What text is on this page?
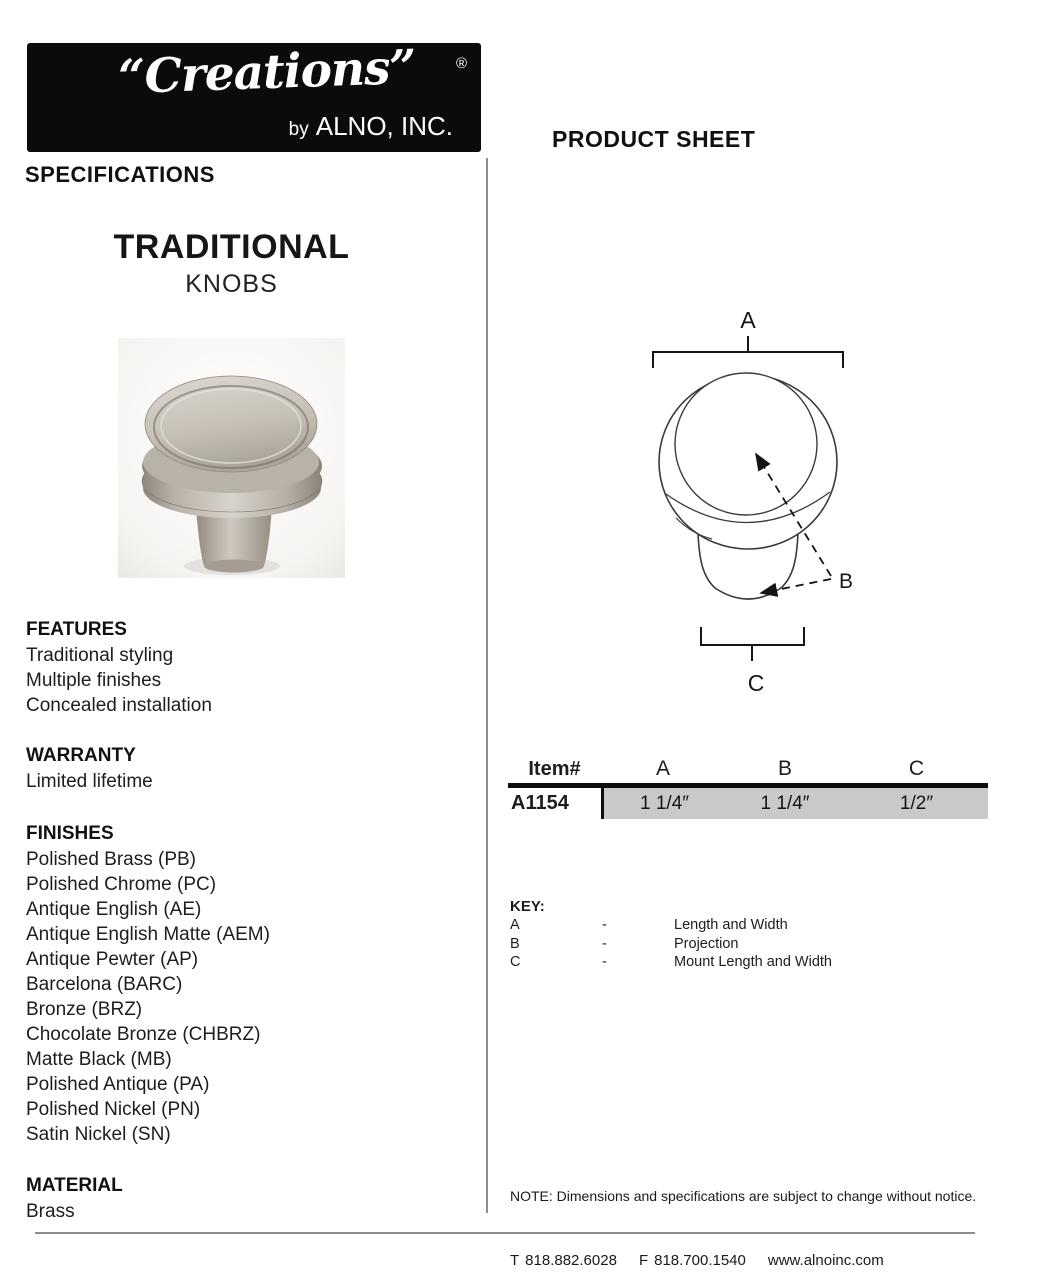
“Creations”	®
by ALNO, INC.
SPECIFICATIONS
PRODUCT SHEET
TRADITIONAL
KNOBS
FEATURES
Traditional styling
Multiple finishes
Concealed installation
WARRANTY
Limited lifetime
FINISHES
Polished Brass (PB)
Polished Chrome (PC)
Antique English (AE)
Antique English Matte (AEM)
Antique Pewter (AP)
Barcelona (BARC)
Bronze (BRZ)
Chocolate Bronze (CHBRZ)
Matte Black (MB)
Polished Antique (PA)
Polished Nickel (PN)
Satin Nickel (SN)
MATERIAL
Brass
A
B
C
Item#	A	B	C
A1154	1 1/4″	1 1/4″	1/2″
KEY:
A	-	Length and Width
B	-	Projection
C	-	Mount Length and Width
NOTE: Dimensions and specifications are subject to change without notice.
T 818.882.6028 F 818.700.1540 www.alnoinc.com
